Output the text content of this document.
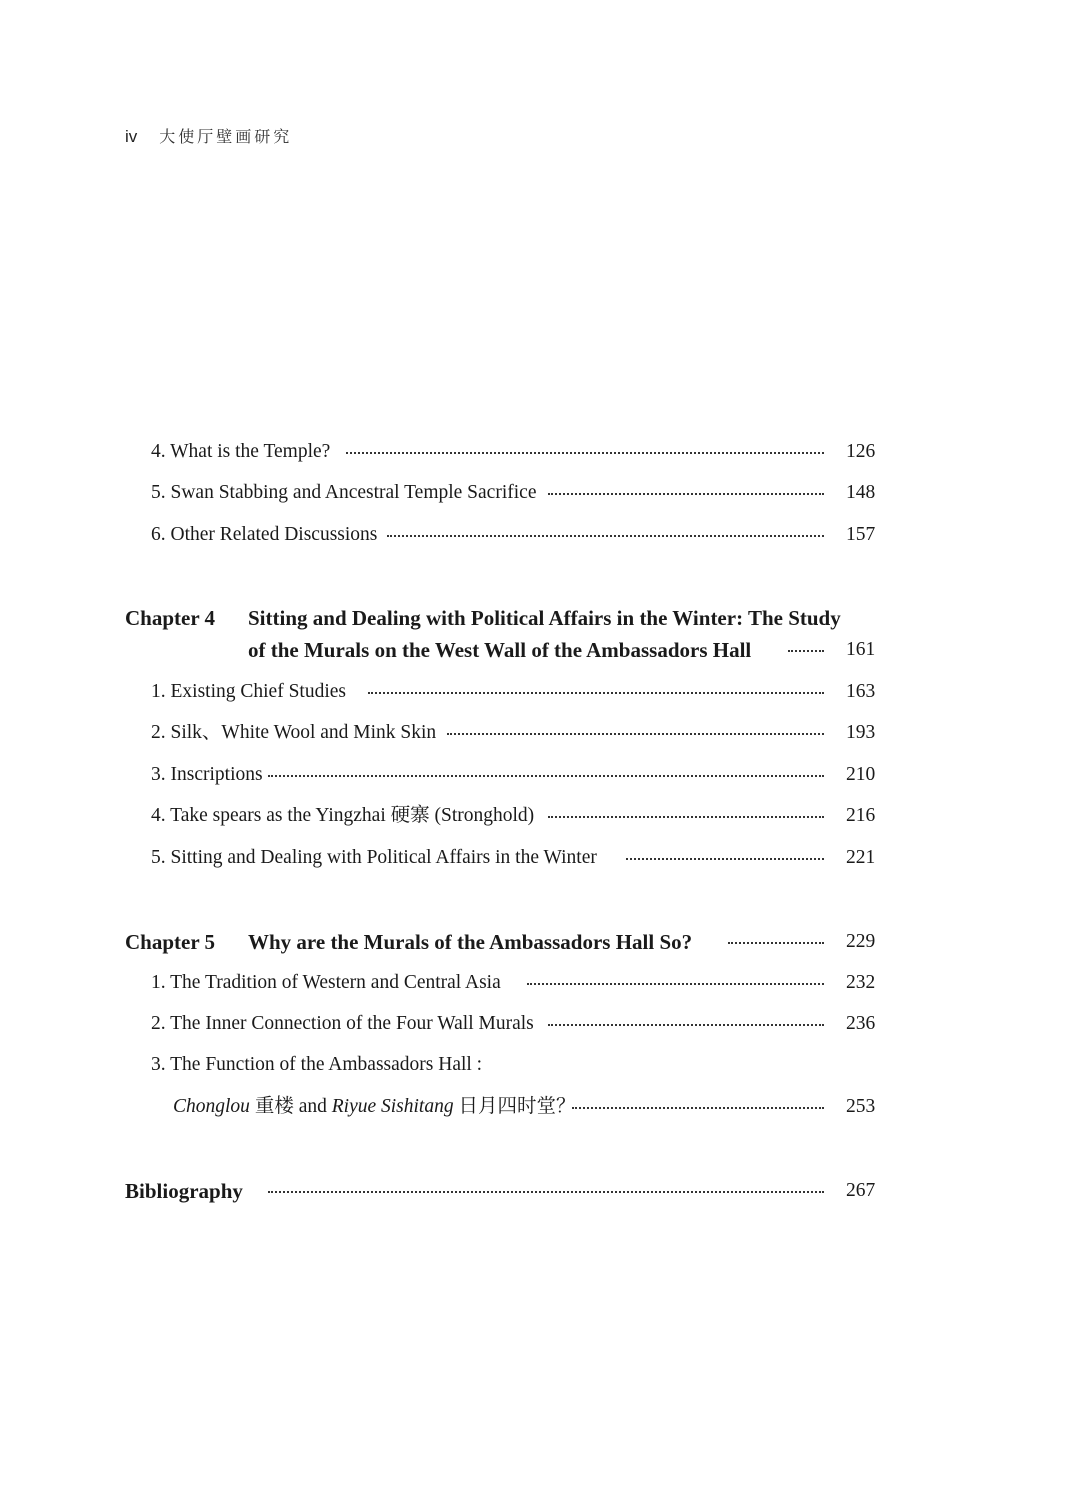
iv 大使厅壁画研究
4. What is the Temple?	126
5. Swan Stabbing and Ancestral Temple Sacrifice	148
6. Other Related Discussions	157
Chapter 4 Sitting and Dealing with Political Affairs in the Winter: The Study
of the Murals on the West Wall of the Ambassadors Hall	161
1. Existing Chief Studies	163
2. Silk、White Wool and Mink Skin	193
3. Inscriptions	210
4. Take spears as the Yingzhai 硬寨 (Stronghold)	216
5. Sitting and Dealing with Political Affairs in the Winter	221
Chapter 5 Why are the Murals of the Ambassadors Hall So?	229
1. The Tradition of Western and Central Asia	232
2. The Inner Connection of the Four Wall Murals	236
3. The Function of the Ambassadors Hall :
Chonglou 重楼 and Riyue Sishitang 日月四时堂？	253
Bibliography	267
